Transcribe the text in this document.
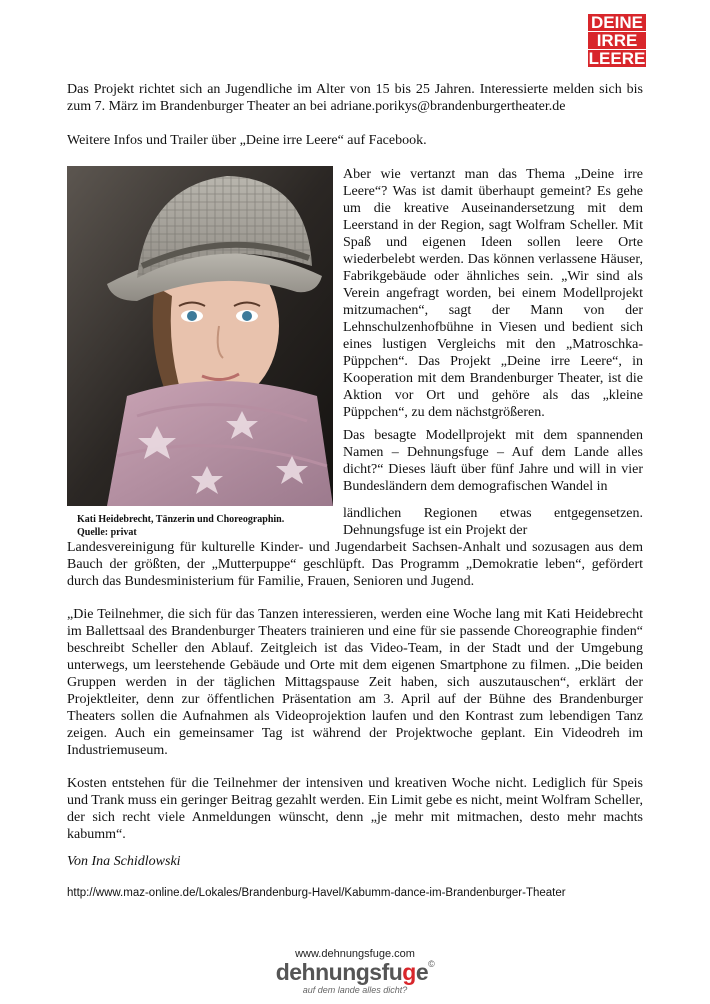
DEINE
IRRE
LEERE

Das Projekt richtet sich an Jugendliche im Alter von 15 bis 25 Jahren. Interessierte melden sich bis zum 7. März im Brandenburger Theater an bei adriane.porikys@brandenburgertheater.de

Weitere Infos und Trailer über „Deine irre Leere“ auf Facebook.

Kati Heidebrecht, Tänzerin und Choreographin.
Quelle: privat

Aber wie vertanzt man das Thema „Deine irre Leere“? Was ist damit überhaupt gemeint? Es gehe um die kreative Auseinandersetzung mit dem Leerstand in der Region, sagt Wolfram Scheller. Mit Spaß und eigenen Ideen sollen leere Orte wiederbelebt werden. Das können verlassene Häuser, Fabrikgebäude oder ähnliches sein. „Wir sind als Verein angefragt worden, bei einem Modellprojekt mitzumachen“, sagt der Mann von der Lehnschulzenhofbühne in Viesen und bedient sich eines lustigen Vergleichs mit den „Matroschka-Püppchen“. Das Projekt „Deine irre Leere“, in Kooperation mit dem Brandenburger Theater, ist die Aktion vor Ort und gehöre als das „kleine Püppchen“, zu dem nächstgrößeren.

Das besagte Modellprojekt mit dem spannenden Namen – Dehnungsfuge – Auf dem Lande alles dicht?“ Dieses läuft über fünf Jahre und will in vier Bundesländern dem demografischen Wandel in

ländlichen Regionen etwas entgegensetzen. Dehnungsfuge ist ein Projekt der

Landesvereinigung für kulturelle Kinder- und Jugendarbeit Sachsen-Anhalt und sozusagen aus dem Bauch der größten, der „Mutterpuppe“ geschlüpft. Das Programm „Demokratie leben“, gefördert durch das Bundesministerium für Familie, Frauen, Senioren und Jugend.

„Die Teilnehmer, die sich für das Tanzen interessieren, werden eine Woche lang mit Kati Heidebrecht im Ballettsaal des Brandenburger Theaters trainieren und eine für sie passende Choreographie finden“ beschreibt Scheller den Ablauf. Zeitgleich ist das Video-Team, in der Stadt und der Umgebung unterwegs, um leerstehende Gebäude und Orte mit dem eigenen Smartphone zu filmen. „Die beiden Gruppen werden in der täglichen Mittagspause Zeit haben, sich auszutauschen“, erklärt der Projektleiter, denn zur öffentlichen Präsentation am 3. April auf der Bühne des Brandenburger Theaters sollen die Aufnahmen als Videoprojektion laufen und den Kontrast zum lebendigen Tanz zeigen. Auch ein gemeinsamer Tag ist während der Projektwoche geplant. Ein Videodreh im Industriemuseum.

Kosten entstehen für die Teilnehmer der intensiven und kreativen Woche nicht. Lediglich für Speis und Trank muss ein geringer Beitrag gezahlt werden. Ein Limit gebe es nicht, meint Wolfram Scheller, der sich recht viele Anmeldungen wünscht, denn „je mehr mit mitmachen, desto mehr machts kabumm“.

Von Ina Schidlowski

http://www.maz-online.de/Lokales/Brandenburg-Havel/Kabumm-dance-im-Brandenburger-Theater

www.dehnungsfuge.com
dehnungsfuge©
auf dem lande alles dicht?
